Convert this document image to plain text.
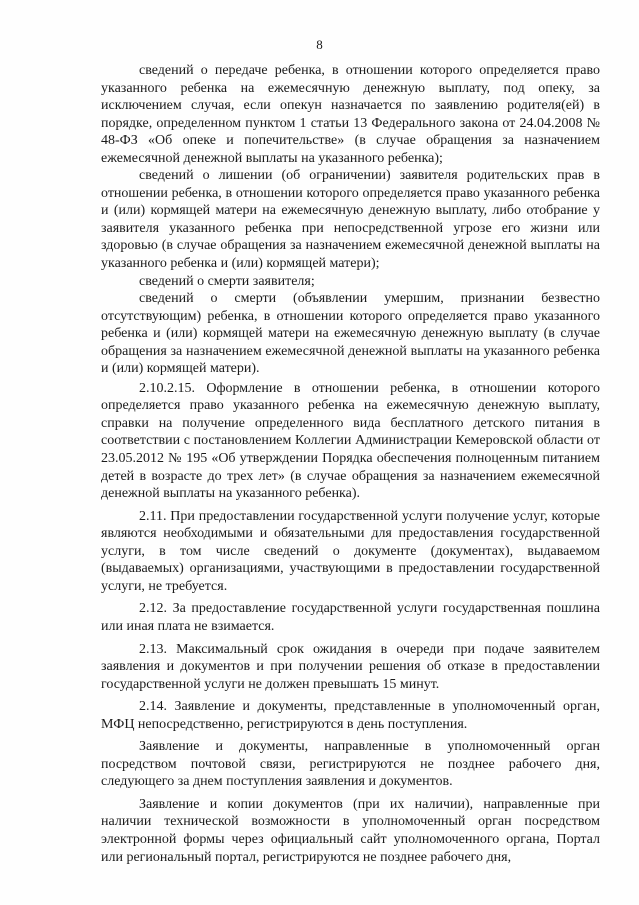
8

сведений о передаче ребенка, в отношении которого определяется право указанного ребенка на ежемесячную денежную выплату, под опеку, за исключением случая, если опекун назначается по заявлению родителя(ей) в порядке, определенном пунктом 1 статьи 13 Федерального закона от 24.04.2008 № 48-ФЗ «Об опеке и попечительстве» (в случае обращения за назначением ежемесячной денежной выплаты на указанного ребенка);

сведений о лишении (об ограничении) заявителя родительских прав в отношении ребенка, в отношении которого определяется право указанного ребенка и (или) кормящей матери на ежемесячную денежную выплату, либо отобрание у заявителя указанного ребенка при непосредственной угрозе его жизни или здоровью (в случае обращения за назначением ежемесячной денежной выплаты на указанного ребенка и (или) кормящей матери);

сведений о смерти заявителя;

сведений о смерти (объявлении умершим, признании безвестно отсутствующим) ребенка, в отношении которого определяется право указанного ребенка и (или) кормящей матери на ежемесячную денежную выплату (в случае обращения за назначением ежемесячной денежной выплаты на указанного ребенка и (или) кормящей матери).

2.10.2.15. Оформление в отношении ребенка, в отношении которого определяется право указанного ребенка на ежемесячную денежную выплату, справки на получение определенного вида бесплатного детского питания в соответствии с постановлением Коллегии Администрации Кемеровской области от 23.05.2012 № 195 «Об утверждении Порядка обеспечения полноценным питанием детей в возрасте до трех лет» (в случае обращения за назначением ежемесячной денежной выплаты на указанного ребенка).

2.11. При предоставлении государственной услуги получение услуг, которые являются необходимыми и обязательными для предоставления государственной услуги, в том числе сведений о документе (документах), выдаваемом (выдаваемых) организациями, участвующими в предоставлении государственной услуги, не требуется.

2.12. За предоставление государственной услуги государственная пошлина или иная плата не взимается.

2.13. Максимальный срок ожидания в очереди при подаче заявителем заявления и документов и при получении решения об отказе в предоставлении государственной услуги не должен превышать 15 минут.

2.14. Заявление и документы, представленные в уполномоченный орган, МФЦ непосредственно, регистрируются в день поступления.

Заявление и документы, направленные в уполномоченный орган посредством почтовой связи, регистрируются не позднее рабочего дня, следующего за днем поступления заявления и документов.

Заявление и копии документов (при их наличии), направленные при наличии технической возможности в уполномоченный орган посредством электронной формы через официальный сайт уполномоченного органа, Портал или региональный портал, регистрируются не позднее рабочего дня,
